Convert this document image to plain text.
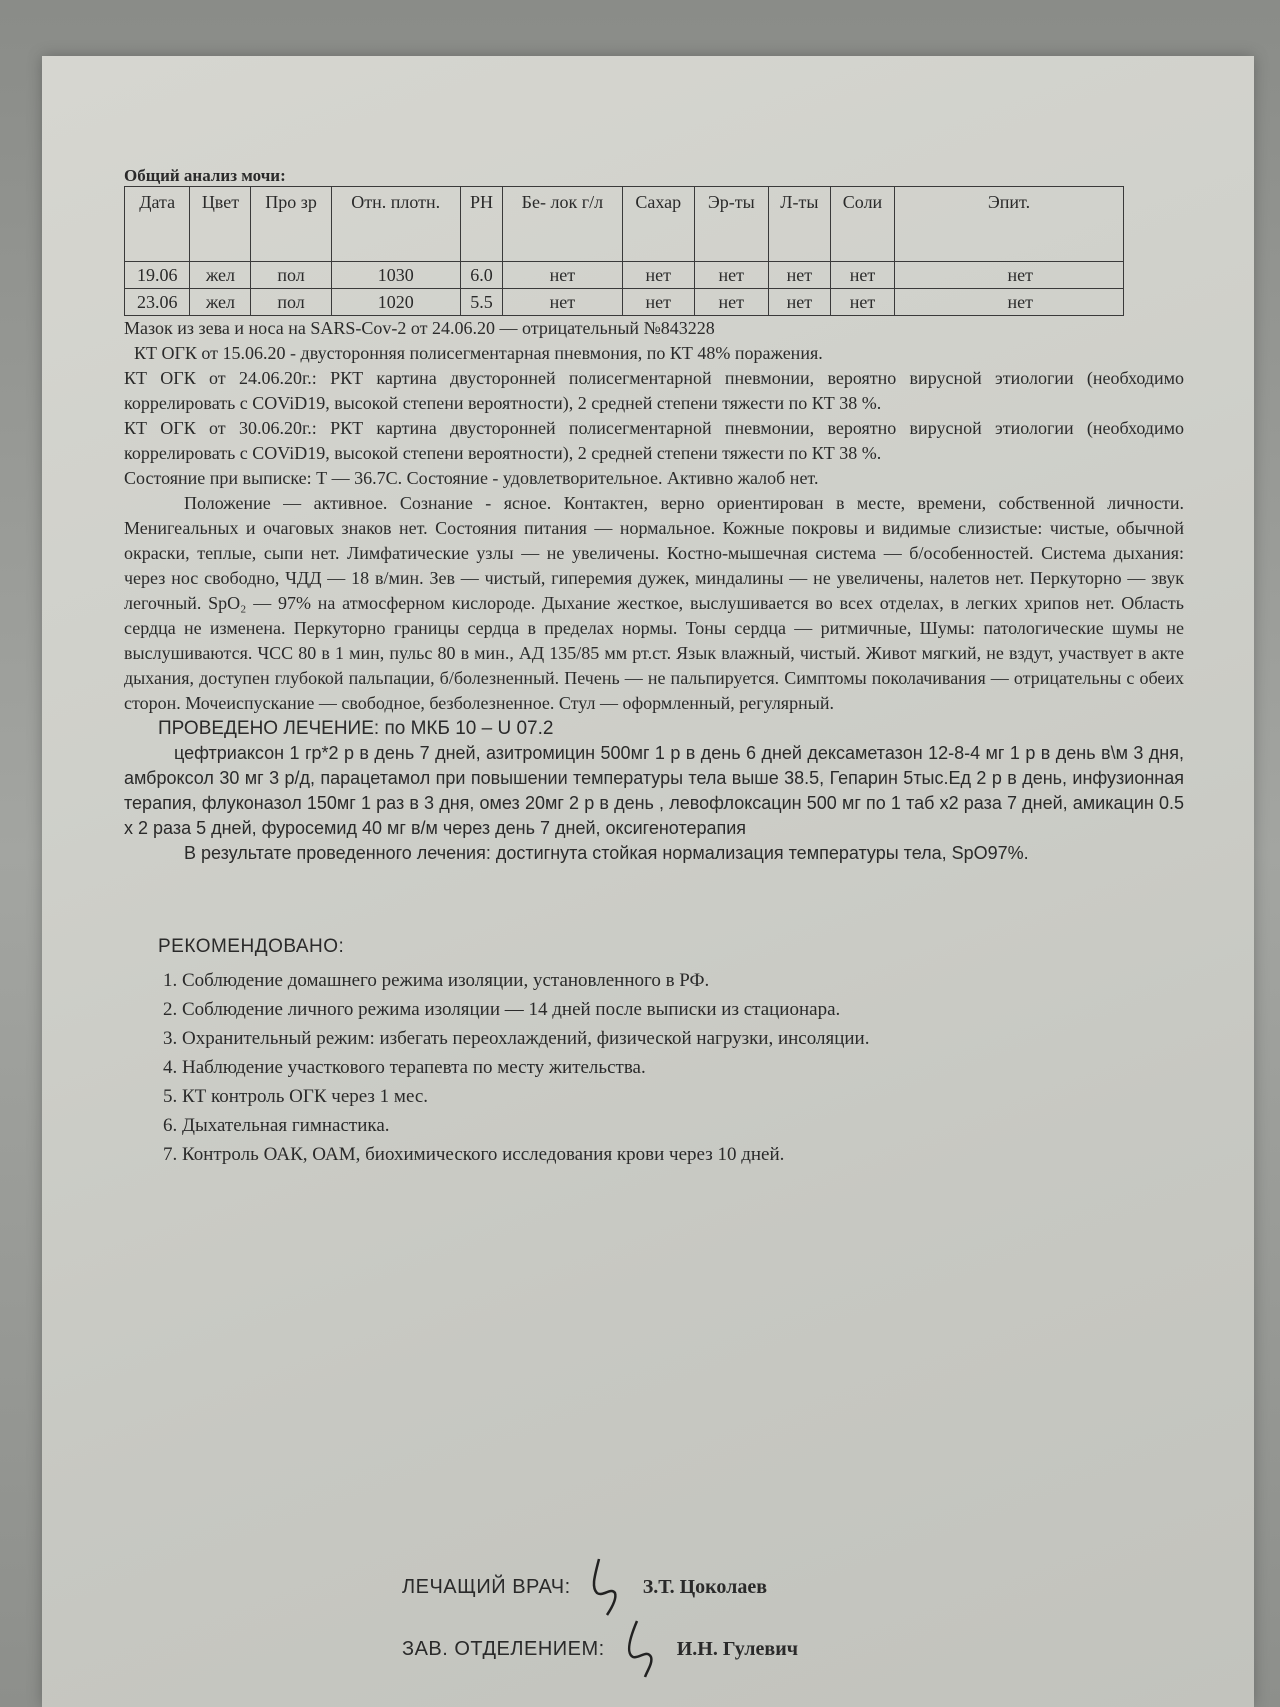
Общий анализ мочи:
Дата	Цвет	Про зр	Отн. плотн.	PH	Бе- лок г/л	Сахар	Эр-ты	Л-ты	Соли	Эпит.
19.06	жел	пол	1030	6.0	нет	нет	нет	нет	нет	нет
23.06	жел	пол	1020	5.5	нет	нет	нет	нет	нет	нет

Мазок из зева и носа на SARS-Cov-2 от 24.06.20 — отрицательный №843228

КТ ОГК от 15.06.20 - двусторонняя полисегментарная пневмония, по КТ 48% поражения.

КТ ОГК от 24.06.20г.: РКТ картина двусторонней полисегментарной пневмонии, вероятно вирусной этиологии (необходимо коррелировать с COViD19, высокой степени вероятности), 2 средней степени тяжести по КТ 38 %.

КТ ОГК от 30.06.20г.: РКТ картина двусторонней полисегментарной пневмонии, вероятно вирусной этиологии (необходимо коррелировать с COViD19, высокой степени вероятности), 2 средней степени тяжести по КТ 38 %.

Состояние при выписке: Т — 36.7С. Состояние - удовлетворительное. Активно жалоб нет.

Положение — активное. Сознание - ясное. Контактен, верно ориентирован в месте, времени, собственной личности. Менигеальных и очаговых знаков нет. Состояния питания — нормальное. Кожные покровы и видимые слизистые: чистые, обычной окраски, теплые, сыпи нет. Лимфатические узлы — не увеличены. Костно-мышечная система — б/особенностей. Система дыхания: через нос свободно, ЧДД — 18 в/мин. Зев — чистый, гиперемия дужек, миндалины — не увеличены, налетов нет. Перкуторно — звук легочный. SpO₂ — 97% на атмосферном кислороде. Дыхание жесткое, выслушивается во всех отделах, в легких хрипов нет. Область сердца не изменена. Перкуторно границы сердца в пределах нормы. Тоны сердца — ритмичные, Шумы: патологические шумы не выслушиваются. ЧСС 80 в 1 мин, пульс 80 в мин., АД 135/85 мм рт.ст. Язык влажный, чистый. Живот мягкий, не вздут, участвует в акте дыхания, доступен глубокой пальпации, б/болезненный. Печень — не пальпируется. Симптомы поколачивания — отрицательны с обеих сторон. Мочеиспускание — свободное, безболезненное. Стул — оформленный, регулярный.

ПРОВЕДЕНО ЛЕЧЕНИЕ: по МКБ 10 – U 07.2

цефтриаксон 1 гр*2 р в день 7 дней, азитромицин 500мг 1 р в день 6 дней дексаметазон 12-8-4 мг 1 р в день в\м 3 дня, амброксол 30 мг 3 р/д, парацетамол при повышении температуры тела выше 38.5, Гепарин 5тыс.Ед 2 р в день, инфузионная терапия, флуконазол 150мг 1 раз в 3 дня, омез 20мг 2 р в день , левофлоксацин 500 мг по 1 таб х2 раза 7 дней, амикацин 0.5 х 2 раза 5 дней, фуросемид 40 мг в/м через день 7 дней, оксигенотерапия

В результате проведенного лечения: достигнута стойкая нормализация температуры тела, SpO97%.

РЕКОМЕНДОВАНО:
1. Соблюдение домашнего режима изоляции, установленного в РФ.
2. Соблюдение личного режима изоляции — 14 дней после выписки из стационара.
3. Охранительный режим: избегать переохлаждений, физической нагрузки, инсоляции.
4. Наблюдение участкового терапевта по месту жительства.
5. КТ контроль ОГК через 1 мес.
6. Дыхательная гимнастика.
7. Контроль ОАК, ОАМ, биохимического исследования крови через 10 дней.
ЛЕЧАЩИЙ ВРАЧ:	З.Т. Цоколаев
ЗАВ. ОТДЕЛЕНИЕМ:	И.Н. Гулевич
